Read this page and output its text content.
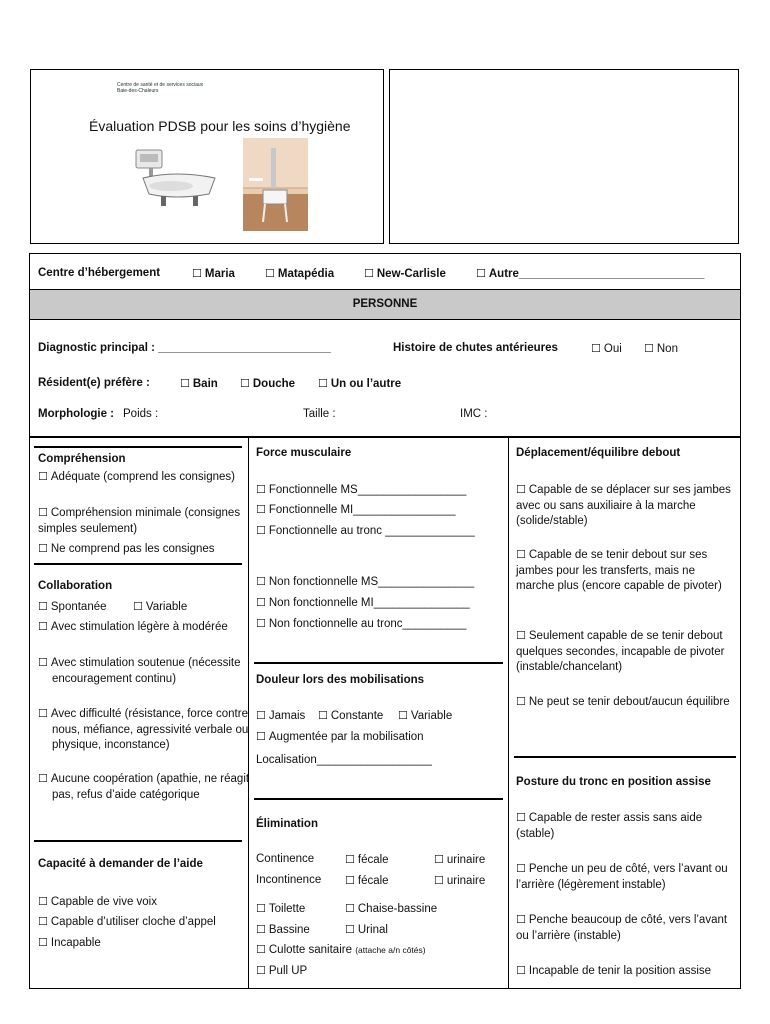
Centre de santé et de services sociaux
Baie-des-Chaleurs
Évaluation PDSB pour les soins d’hygiène
Centre d’hébergement	☐ Maria	☐ Matapédia	☐ New-Carlisle	☐ Autre_____________________________
PERSONNE
Diagnostic principal : ___________________________	Histoire de chutes antérieures	☐ Oui ☐ Non
Résident(e) préfère :	☐ Bain ☐ Douche ☐ Un ou l’autre
Morphologie : Poids :	Taille :	IMC :
Compréhension
☐ Adéquate (comprend les consignes)
☐ Compréhension minimale (consignes simples seulement)
☐ Ne comprend pas les consignes
Collaboration
☐ Spontanée ☐ Variable
☐ Avec stimulation légère à modérée
☐ Avec stimulation soutenue (nécessite encouragement continu)
☐ Avec difficulté (résistance, force contre nous, méfiance, agressivité verbale ou physique, inconstance)
☐ Aucune coopération (apathie, ne réagit pas, refus d’aide catégorique
Capacité à demander de l’aide
☐ Capable de vive voix
☐ Capable d’utiliser cloche d’appel
☐ Incapable
Force musculaire
☐ Fonctionnelle MS_________________
☐ Fonctionnelle MI________________
☐ Fonctionnelle au tronc ______________
☐ Non fonctionnelle MS_______________
☐ Non fonctionnelle MI_______________
☐ Non fonctionnelle au tronc__________
Douleur lors des mobilisations
☐ Jamais ☐ Constante ☐ Variable
☐ Augmentée par la mobilisation
Localisation__________________
Élimination
Continence	☐ fécale	☐ urinaire
Incontinence ☐ fécale	☐ urinaire
☐ Toilette	☐ Chaise-bassine
☐ Bassine	☐ Urinal
☐ Culotte sanitaire (attache a/n côtés)
☐ Pull UP
Déplacement/équilibre debout
☐ Capable de se déplacer sur ses jambes avec ou sans auxiliaire à la marche (solide/stable)
☐ Capable de se tenir debout sur ses jambes pour les transferts, mais ne marche plus (encore capable de pivoter)
☐ Seulement capable de se tenir debout quelques secondes, incapable de pivoter (instable/chancelant)
☐ Ne peut se tenir debout/aucun équilibre
Posture du tronc en position assise
☐ Capable de rester assis sans aide (stable)
☐ Penche un peu de côté, vers l’avant ou l’arrière (légèrement instable)
☐ Penche beaucoup de côté, vers l’avant ou l’arrière (instable)
☐ Incapable de tenir la position assise
